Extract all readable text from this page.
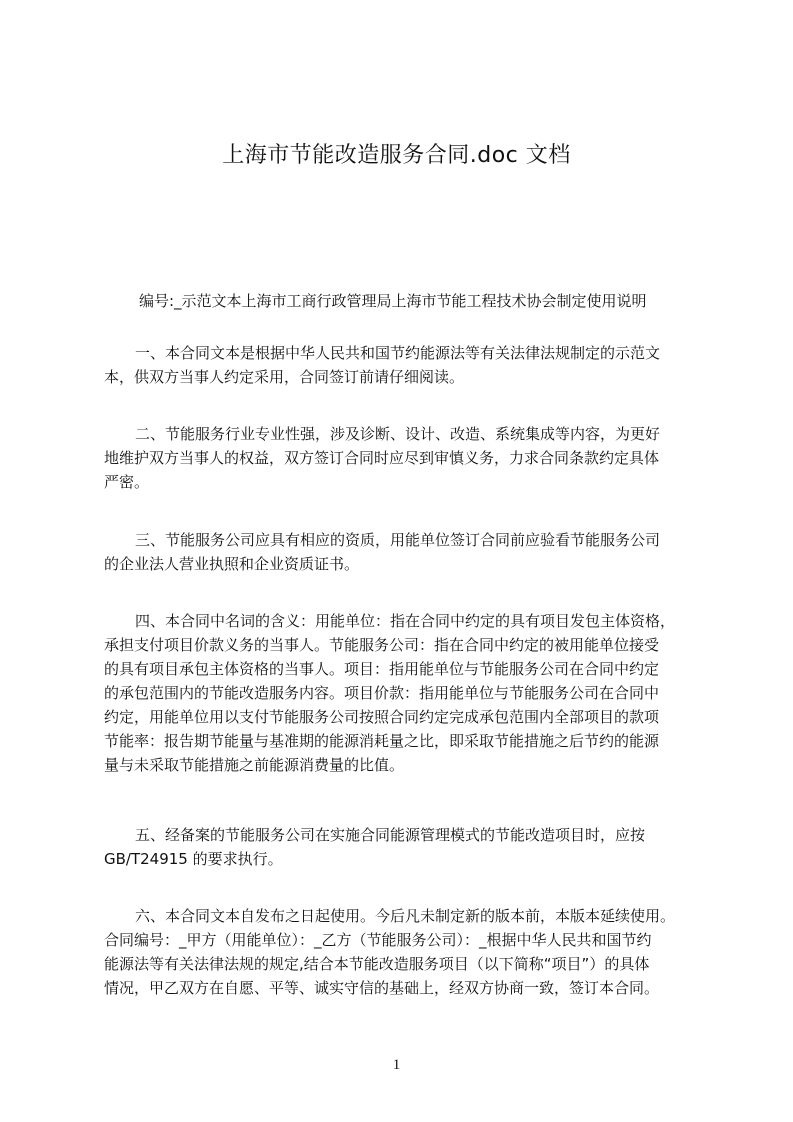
上海市节能改造服务合同.doc 文档

编号:_示范文本上海市工商行政管理局上海市节能工程技术协会制定使用说明

一、本合同文本是根据中华人民共和国节约能源法等有关法律法规制定的示范文
本，供双方当事人约定采用，合同签订前请仔细阅读。
二、节能服务行业专业性强，涉及诊断、设计、改造、系统集成等内容，为更好
地维护双方当事人的权益，双方签订合同时应尽到审慎义务，力求合同条款约定具体
严密。
三、节能服务公司应具有相应的资质，用能单位签订合同前应验看节能服务公司
的企业法人营业执照和企业资质证书。
四、本合同中名词的含义：用能单位：指在合同中约定的具有项目发包主体资格，
承担支付项目价款义务的当事人。节能服务公司：指在合同中约定的被用能单位接受
的具有项目承包主体资格的当事人。项目：指用能单位与节能服务公司在合同中约定
的承包范围内的节能改造服务内容。项目价款：指用能单位与节能服务公司在合同中
约定，用能单位用以支付节能服务公司按照合同约定完成承包范围内全部项目的款项
节能率：报告期节能量与基准期的能源消耗量之比，即采取节能措施之后节约的能源
量与未采取节能措施之前能源消费量的比值。
五、经备案的节能服务公司在实施合同能源管理模式的节能改造项目时，应按
GB/T24915 的要求执行。
六、本合同文本自发布之日起使用。今后凡未制定新的版本前，本版本延续使用。
合同编号：_甲方（用能单位）：_乙方（节能服务公司）：_根据中华人民共和国节约
能源法等有关法律法规的规定,结合本节能改造服务项目（以下简称“项目”）的具体
情况，甲乙双方在自愿、平等、诚实守信的基础上，经双方协商一致，签订本合同。
1
